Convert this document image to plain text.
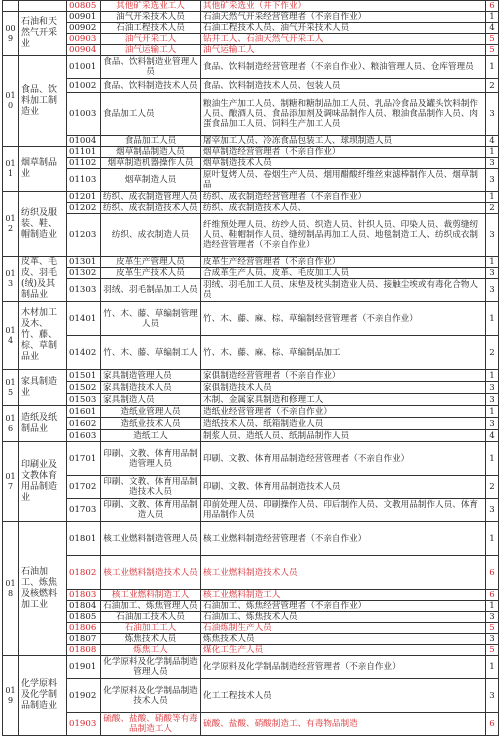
		00805	其他矿采选业工人	其他矿采选业（井下作业）	6
009	石油和天然气开采业	00901	油气开采技术人员	石油天然气开采经营管理者（不亲自作业）	1
		00902	石油工程技术人员	石油工程技术人员、油气开采技术人员	4
		00903	油气开采工人	钻井工人、石油天然气开采工人	5
		00904	油气运输工人	油气运输工人	5
010	食品、饮料加工制造业	01001	食品、饮料制造业管理人员	食品、饮料制造经营管理者（不亲自作业）、粮油管理人员、仓库管理员	1
		01002	食品、饮料制造技术人员	食品、饮料制造技术人员、包装人员	2
		01003	食品加工人员	粮油生产加工人员、制糖和糖制品加工人员、乳品冷食品及罐头饮料制作人员、酿酒人员、食品添加剂及调味品制作人员、粮油食品制作人员、肉蛋食品加工人员、饲料生产加工人员	3
		01004	食品加工人员	屠宰加工人员、冷冻食品包装工人、球坝制造人员	4
011	烟草制品业	01101	烟草制品制造人员	烟草制造经营管理者（不亲自作业）	1
		01102	烟草制造机器操作人员	烟草制造技术人员	3
		01103	烟草制造人员	原叶复烤人员、卷烟生产人员、烟用醋酸纤维丝束滤棒制作人员、烟草制品	3
012	纺织及服装、鞋、帽制造业	01201	纺织、成衣制造管理人员	纺织、成衣制造经营管理者（不亲自作业）	1
		01202	纺织、成衣制造技术人员	纺织、成衣制造技术人员、	2
		01203	纺织、成衣制造人员	纤维预处理人员、纺纱人员、织造人员、针织人员、印染人员、裁剪缝纫人员、鞋帽制作人员、缝纫制品再加工人员、地毯制造工人、纺织成衣制造经营管理者（不亲自作业）	3
013	皮革、毛皮、羽毛(绒)及其制品业	01301	皮革生产管理人员	皮革生产经营管理者（不亲自作业）	1
		01302	皮革生产技术人员	合成革生产人员、皮革、毛皮加工人员	3
		01303	羽绒、羽毛制品加工人员	羽绒、羽毛加工人员、床垫及枕头制造业人员、接触尘埃或有毒化合物人员	3
014	木材加工及木、竹、藤、棕、草制品业	01401	竹、木、藤、草编制管理人员	竹、木、藤、麻、棕、草编制经营管理者（不亲自作业）	1
		01402	竹、木、藤、草编制工人	竹、木、藤、麻、棕、草编制品加工	2
015	家具制造业	01501	家具制造管理人员	家俱制造经营管理者（不亲自作业）	1
		01502	家具制造技术人员	家俱制造技术人员	3
		01503	家具制造人员	木制、金属家具制造和修理工人	3
016	造纸及纸制品业	01601	造纸业管理人员	造纸业经营管理者（不亲自作业）	1
		01602	造纸业技术人员	造纸技术人员、纸箱制造业人员	3
		01603	造纸工人	制浆人员、造纸人员、纸制品制作人员	4
017	印刷业及文教体育用品制造业	01701	印刷、文教、体育用品制造管理人员	印刷、文教、体育用品制造经营管理者（不亲自作业）	1
		01702	印刷、文教、体育用品制造技术人员	印刷、文教、体育用品制造技术人员	2
		01703	印刷、文教、体育用品制造人员	印前处理人员、印刷操作人员、印后制作人员、文教用品制作人员、体育用品制作人员	3
018	石油加工、炼焦及核燃料加工业	01801	核工业燃料制造管理人员	核工业燃料制造经营管理者（不亲自作业）	1
		01802	核工业燃料制造技术人员	核工业燃料制造技术人员	6
		01803	核工业燃料制造工人	核工业燃料制造工人	6
		01804	石油加工、炼焦管理人员	石油加工、炼焦经营管理者（不亲自作业）	1
		01805	石油加工技术人员	石油加工、炼焦技术人员	3
		01806	石油加工工人	石油炼制生产人员	5
		01807	炼焦技术人员	炼焦技术人员	3
		01808	炼焦工人	煤化工生产人员	5
019	化学原料及化学制品制造业	01901	化学原料及化学制品制造管理人员	化学原料及化学制品制造经营管理者（不亲自作业）	1
		01902	化学原料及化学制品制造技术人员	化工工程技术人员	3
		01903	硫酸、盐酸、硝酸等有毒品制造工人	硫酸、盐酸、硝酸制造工、有毒物品制造	6
